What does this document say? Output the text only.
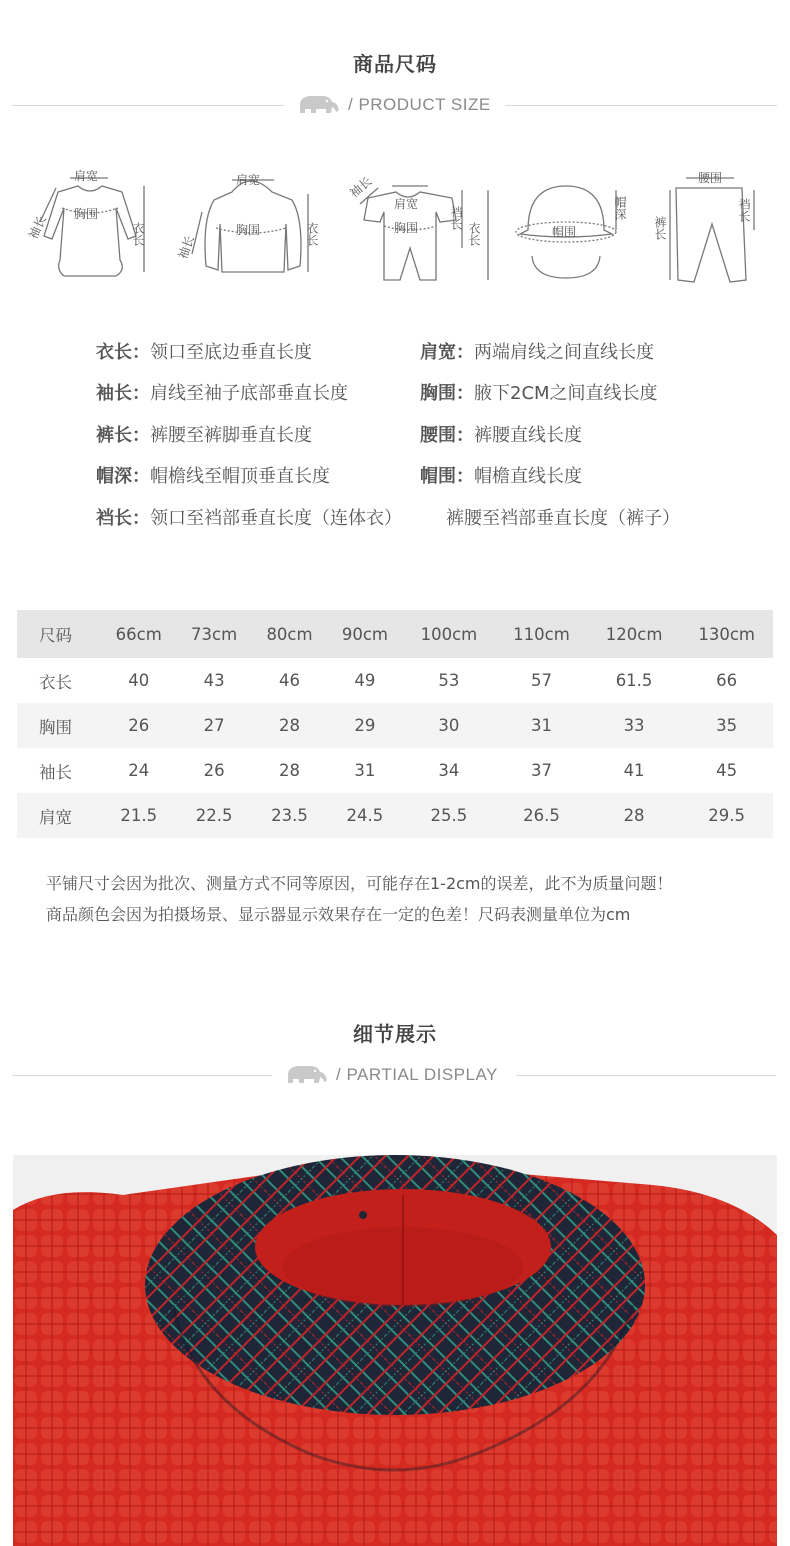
商品尺码
/ PRODUCT SIZE
肩宽
胸围
袖长	衣长
肩宽
胸围
袖长	衣长
肩宽
胸围
袖长
裆长
衣长	帽围
帽深
腰围
裤长
裆长
衣长：领口至底边垂直长度	肩宽：两端肩线之间直线长度
袖长：肩线至袖子底部垂直长度	胸围：腋下2CM之间直线长度
裤长：裤腰至裤脚垂直长度	腰围：裤腰直线长度
帽深：帽檐线至帽顶垂直长度	帽围：帽檐直线长度
裆长：领口至裆部垂直长度（连体衣）	裤腰至裆部垂直长度（裤子）
尺码	66cm	73cm	80cm	90cm	100cm	110cm	120cm	130cm
衣长	40	43	46	49	53	57	61.5	66
胸围	26	27	28	29	30	31	33	35
袖长	24	26	28	31	34	37	41	45
肩宽	21.5	22.5	23.5	24.5	25.5	26.5	28	29.5
平铺尺寸会因为批次、测量方式不同等原因，可能存在1-2cm的误差，此不为质量问题！
商品颜色会因为拍摄场景、显示器显示效果存在一定的色差！尺码表测量单位为cm
细节展示
/ PARTIAL DISPLAY
